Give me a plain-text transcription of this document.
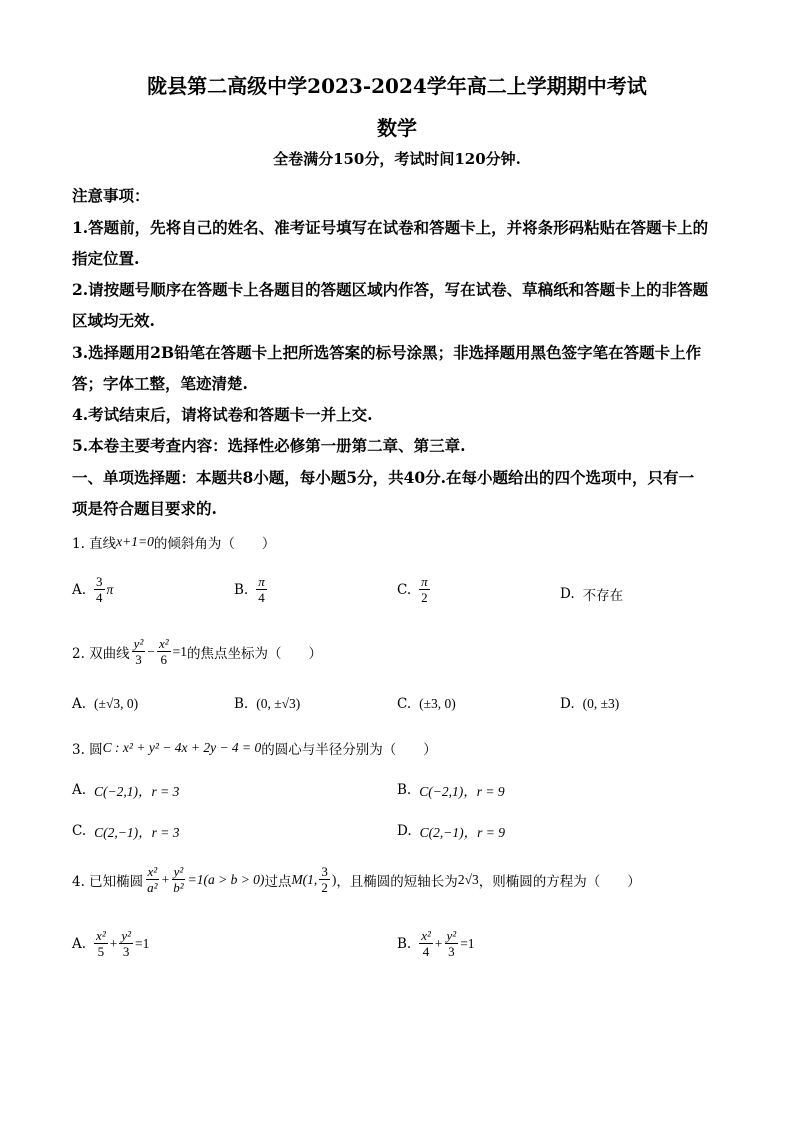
陇县第二高级中学2023-2024学年高二上学期期中考试
数学
全卷满分150分，考试时间120分钟.
注意事项：
1.答题前，先将自己的姓名、准考证号填写在试卷和答题卡上，并将条形码粘贴在答题卡上的
指定位置.
2.请按题号顺序在答题卡上各题目的答题区域内作答，写在试卷、草稿纸和答题卡上的非答题
区域均无效.
3.选择题用2B铅笔在答题卡上把所选答案的标号涂黑；非选择题用黑色签字笔在答题卡上作
答；字体工整，笔迹清楚.
4.考试结束后，请将试卷和答题卡一并上交.
5.本卷主要考查内容：选择性必修第一册第二章、第三章.
一、单项选择题：本题共8小题，每小题5分，共40分.在每小题给出的四个选项中，只有一
项是符合题目要求的.
1. 直线 x+1=0 的倾斜角为（　　）
A. $\frac{3}{4}$ π	B. $\frac{\pi}{4}$	C. $\frac{\pi}{2}$	D. 不存在
2. 双曲线 $\frac{\text{y²}}{3} - \frac{\text{x²}}{6} =1$ 的焦点坐标为（　　）
A. (±√3, 0)	B. (0, ±√3)	C. (±3, 0)	D. (0, ±3)
3. 圆 C : x² + y² − 4x + 2y − 4 = 0 的圆心与半径分别为（　　）
A. C(−2,1)，r = 3	B. C(−2,1)，r = 9
C. C(2,−1)，r = 3	D. C(2,−1)，r = 9
4. 已知椭圆 $\frac{\text{x²}}{\text{a²}} + \frac{\text{y²}}{\text{b²}} =1(a > b > 0)$ 过点 M(1, $\frac{3}{2}$ ) ，且椭圆的短轴长为 2√3 ，则椭圆的方程为（　　）
A. $\frac{\text{x²}}{5} + \frac{\text{y²}}{3} =1$	B. $\frac{\text{x²}}{4} + \frac{\text{y²}}{3} =1$
